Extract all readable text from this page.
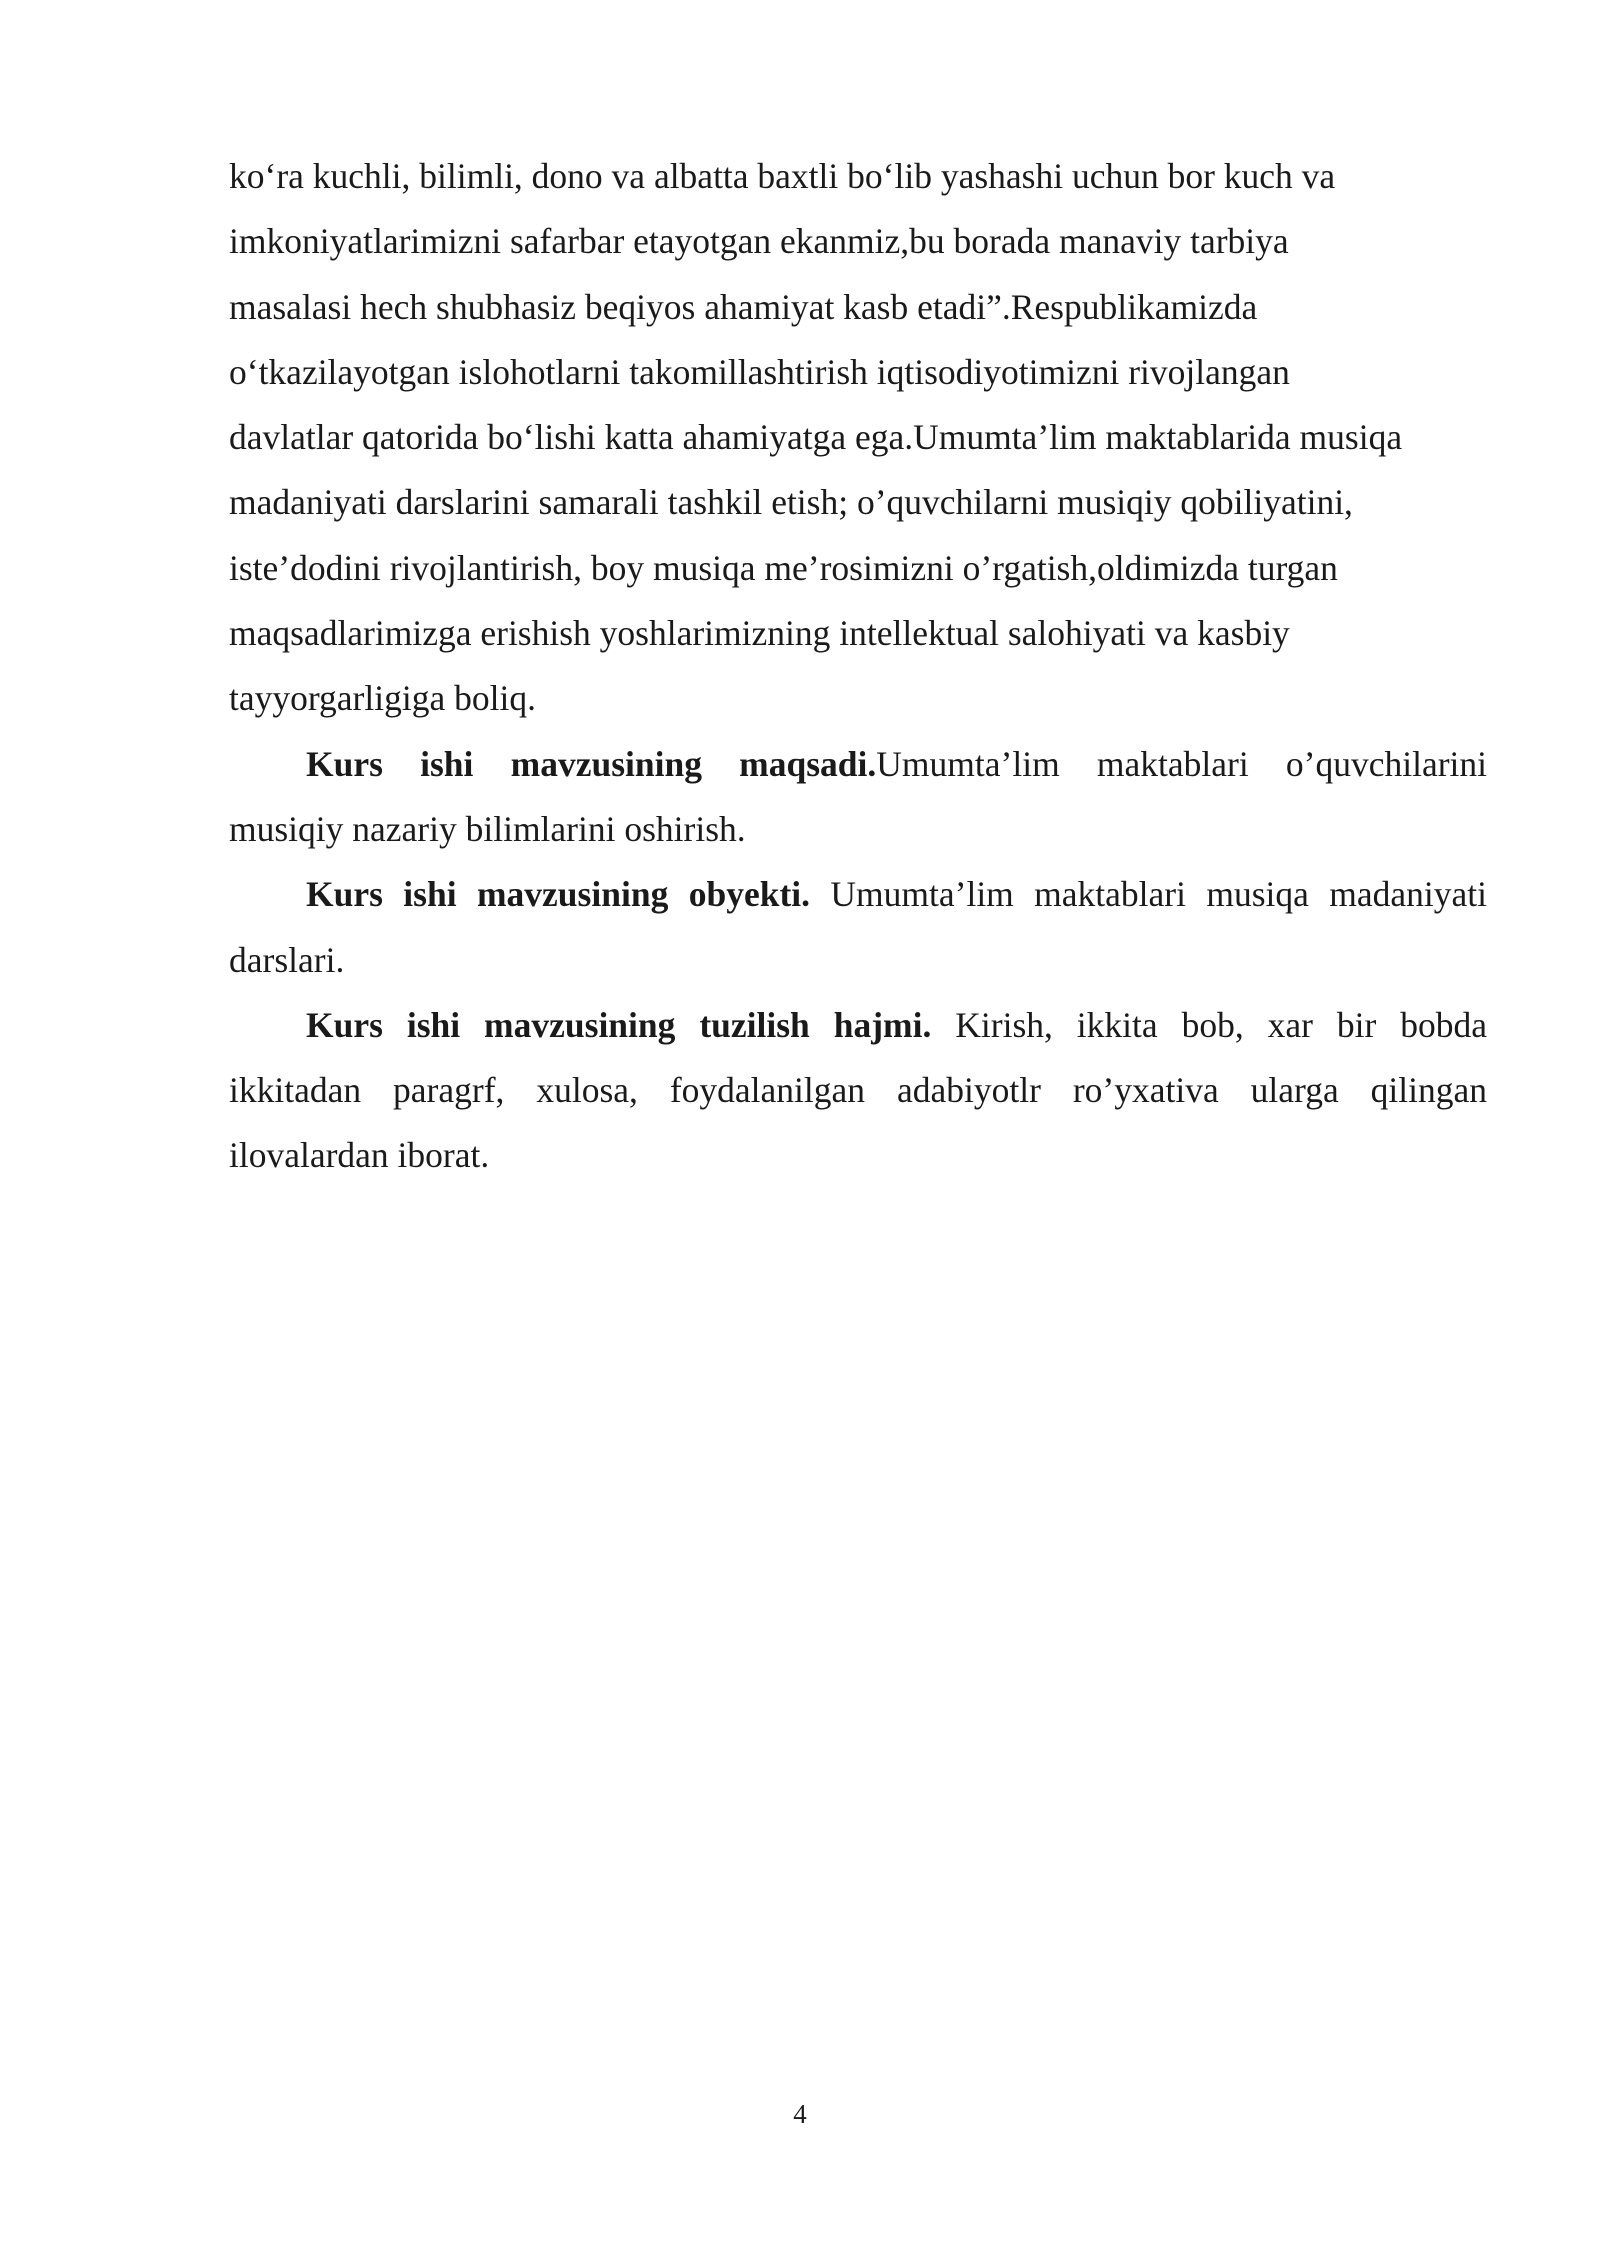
ko‘ra kuchli, bilimli, dono va albatta baxtli bo‘lib yashashi uchun bor kuch va
imkoniyatlarimizni safarbar etayotgan ekanmiz,bu borada manaviy tarbiya
masalasi hech shubhasiz beqiyos ahamiyat kasb etadi”.Respublikamizda
o‘tkazilayotgan islohotlarni takomillashtirish iqtisodiyotimizni rivojlangan
davlatlar qatorida bo‘lishi katta ahamiyatga ega.Umumta’lim maktablarida musiqa
madaniyati darslarini samarali tashkil etish; o’quvchilarni musiqiy qobiliyatini,
iste’dodini rivojlantirish, boy musiqa me’rosimizni o’rgatish,oldimizda turgan
maqsadlarimizga erishish yoshlarimizning intellektual salohiyati va kasbiy
tayyorgarligiga boliq.
Kurs ishi mavzusining maqsadi.Umumta’lim maktablari o’quvchilarini
musiqiy nazariy bilimlarini oshirish.
Kurs ishi mavzusining obyekti. Umumta’lim maktablari musiqa madaniyati
darslari.
Kurs ishi mavzusining tuzilish hajmi. Kirish, ikkita bob, xar bir bobda
ikkitadan paragrf, xulosa, foydalanilgan adabiyotlr ro’yxativa ularga qilingan
ilovalardan iborat.
4
